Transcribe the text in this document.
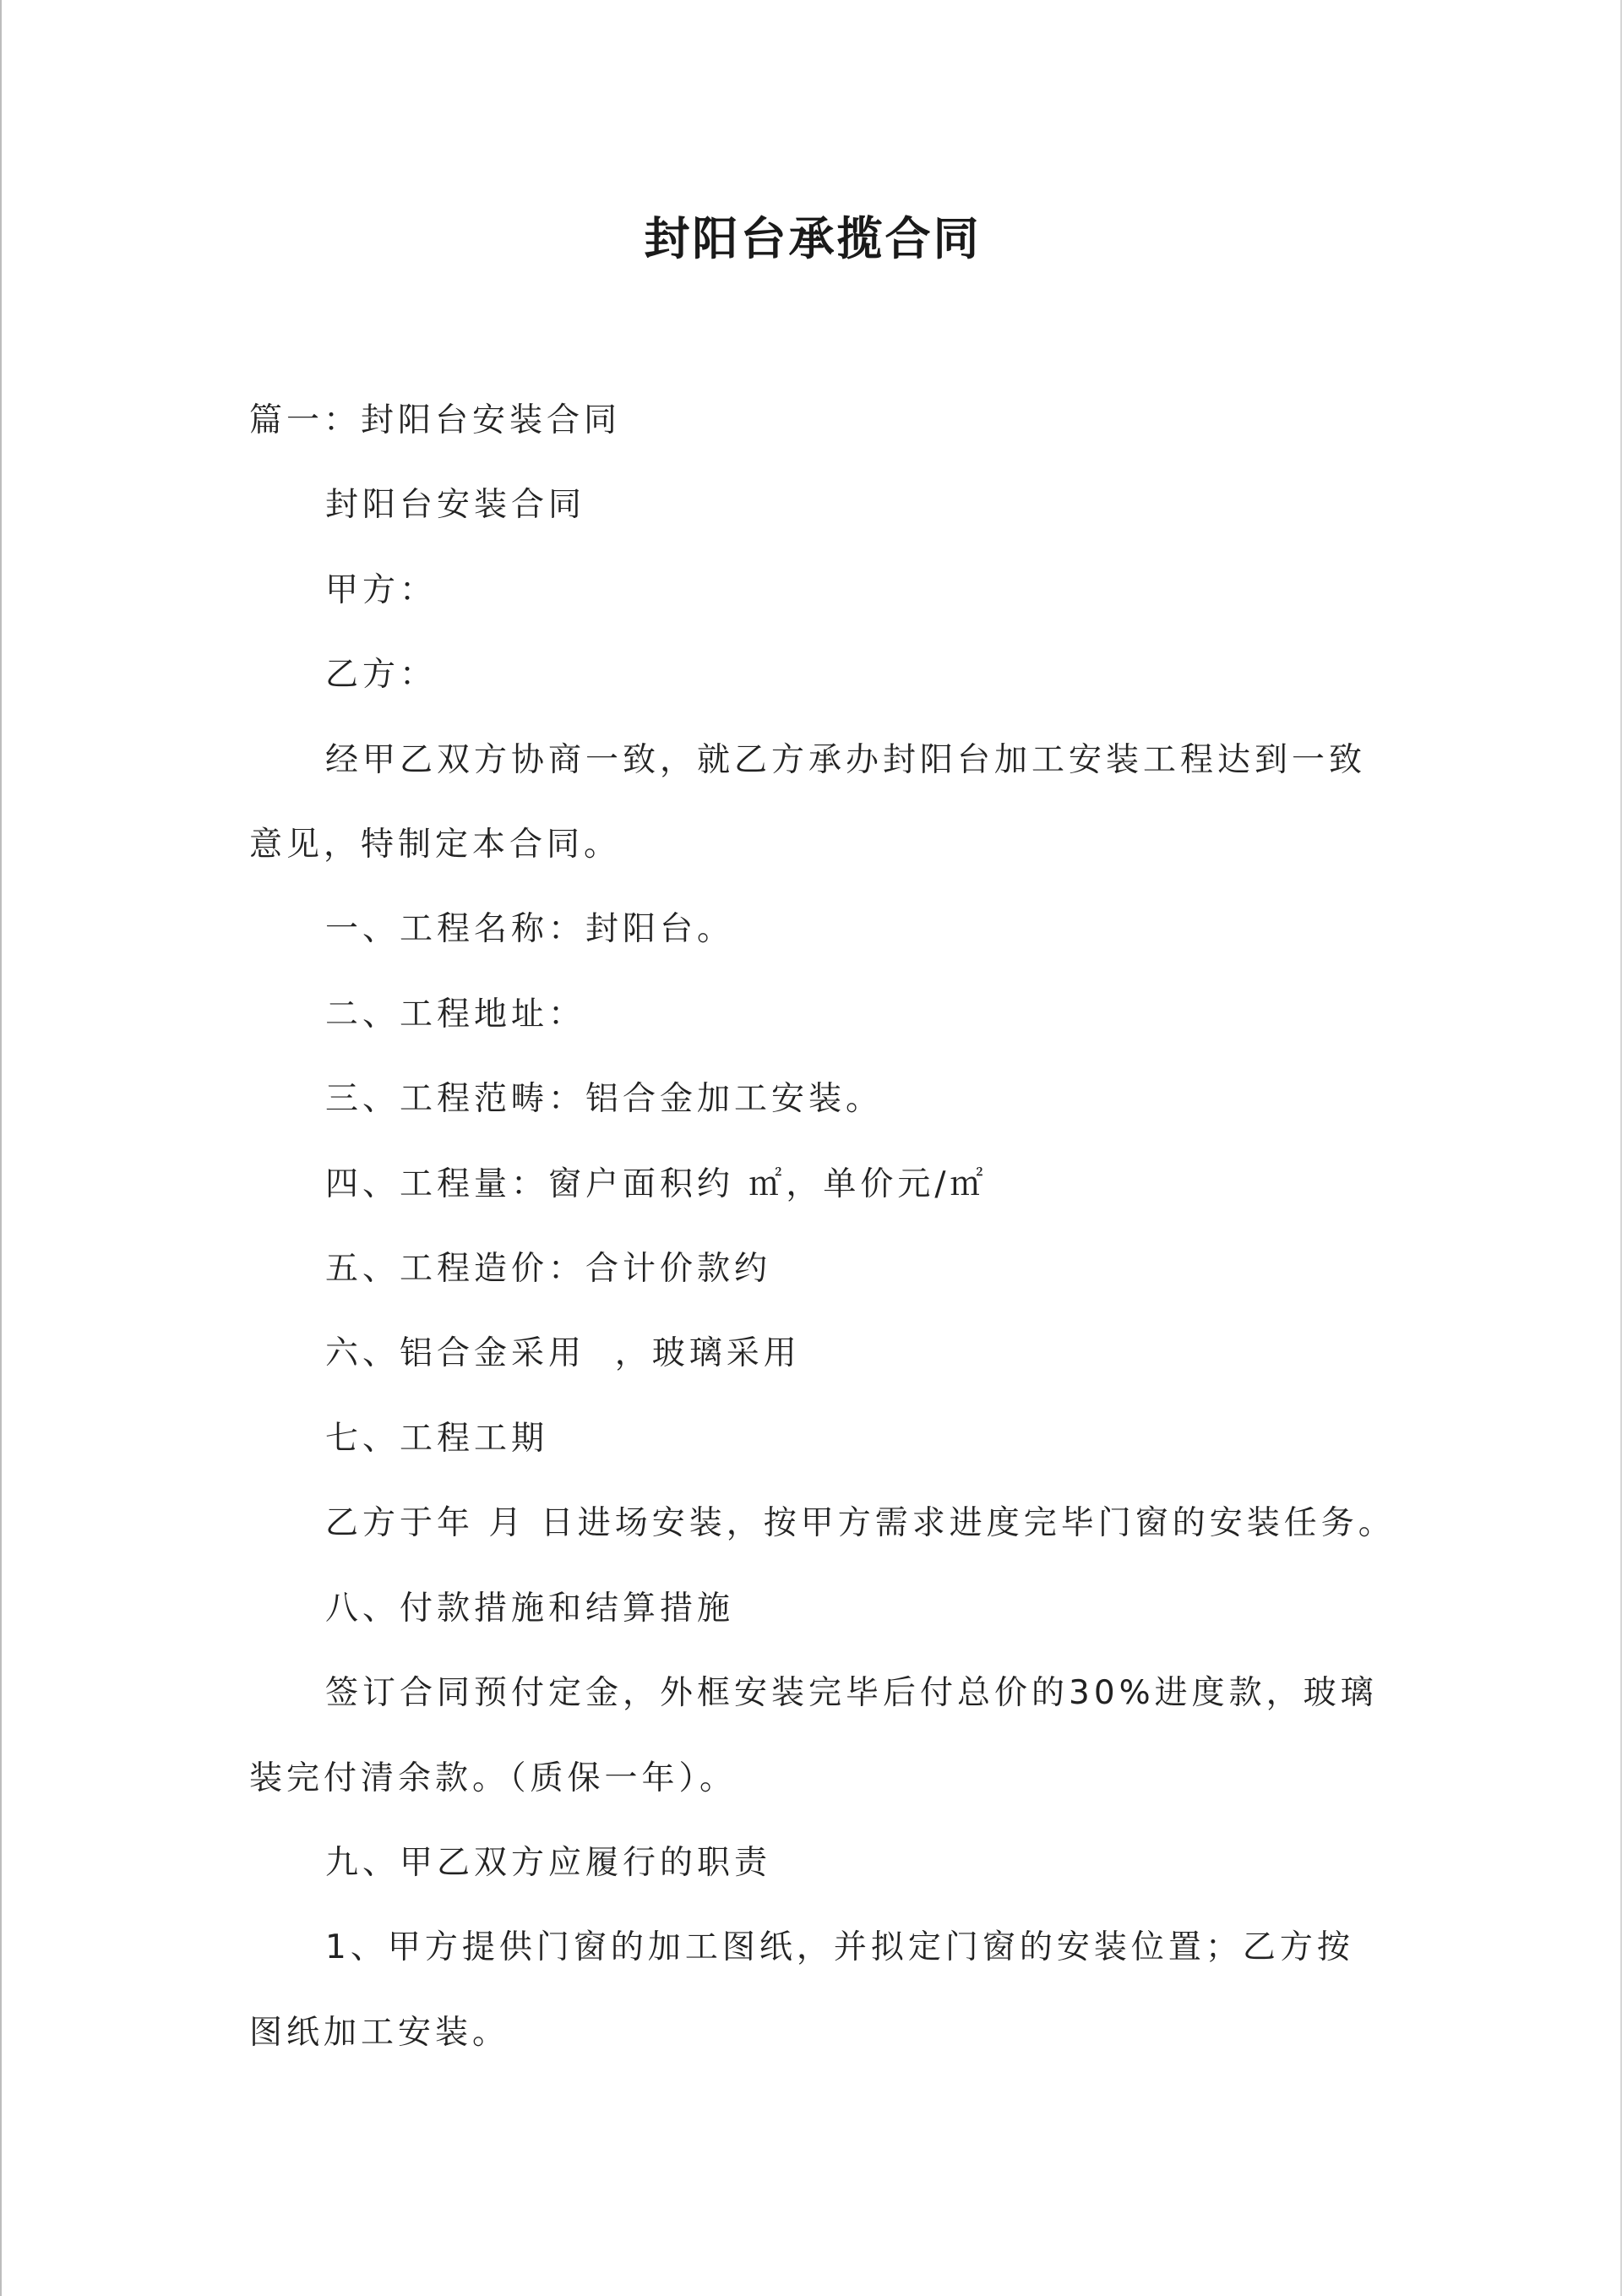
封阳台承揽合同

篇一：封阳台安装合同

封阳台安装合同

甲方：

乙方：

经甲乙双方协商一致，就乙方承办封阳台加工安装工程达到一致

意见，特制定本合同。

一、工程名称：封阳台。

二、工程地址：

三、工程范畴：铝合金加工安装。

四、工程量：窗户面积约 ㎡，单价元/㎡

五、工程造价：合计价款约

六、铝合金采用  ，玻璃采用

七、工程工期

乙方于年 月 日进场安装，按甲方需求进度完毕门窗的安装任务。

八、付款措施和结算措施

签订合同预付定金，外框安装完毕后付总价的30%进度款，玻璃

装完付清余款。（质保一年）。

九、甲乙双方应履行的职责

1、甲方提供门窗的加工图纸，并拟定门窗的安装位置；乙方按

图纸加工安装。
